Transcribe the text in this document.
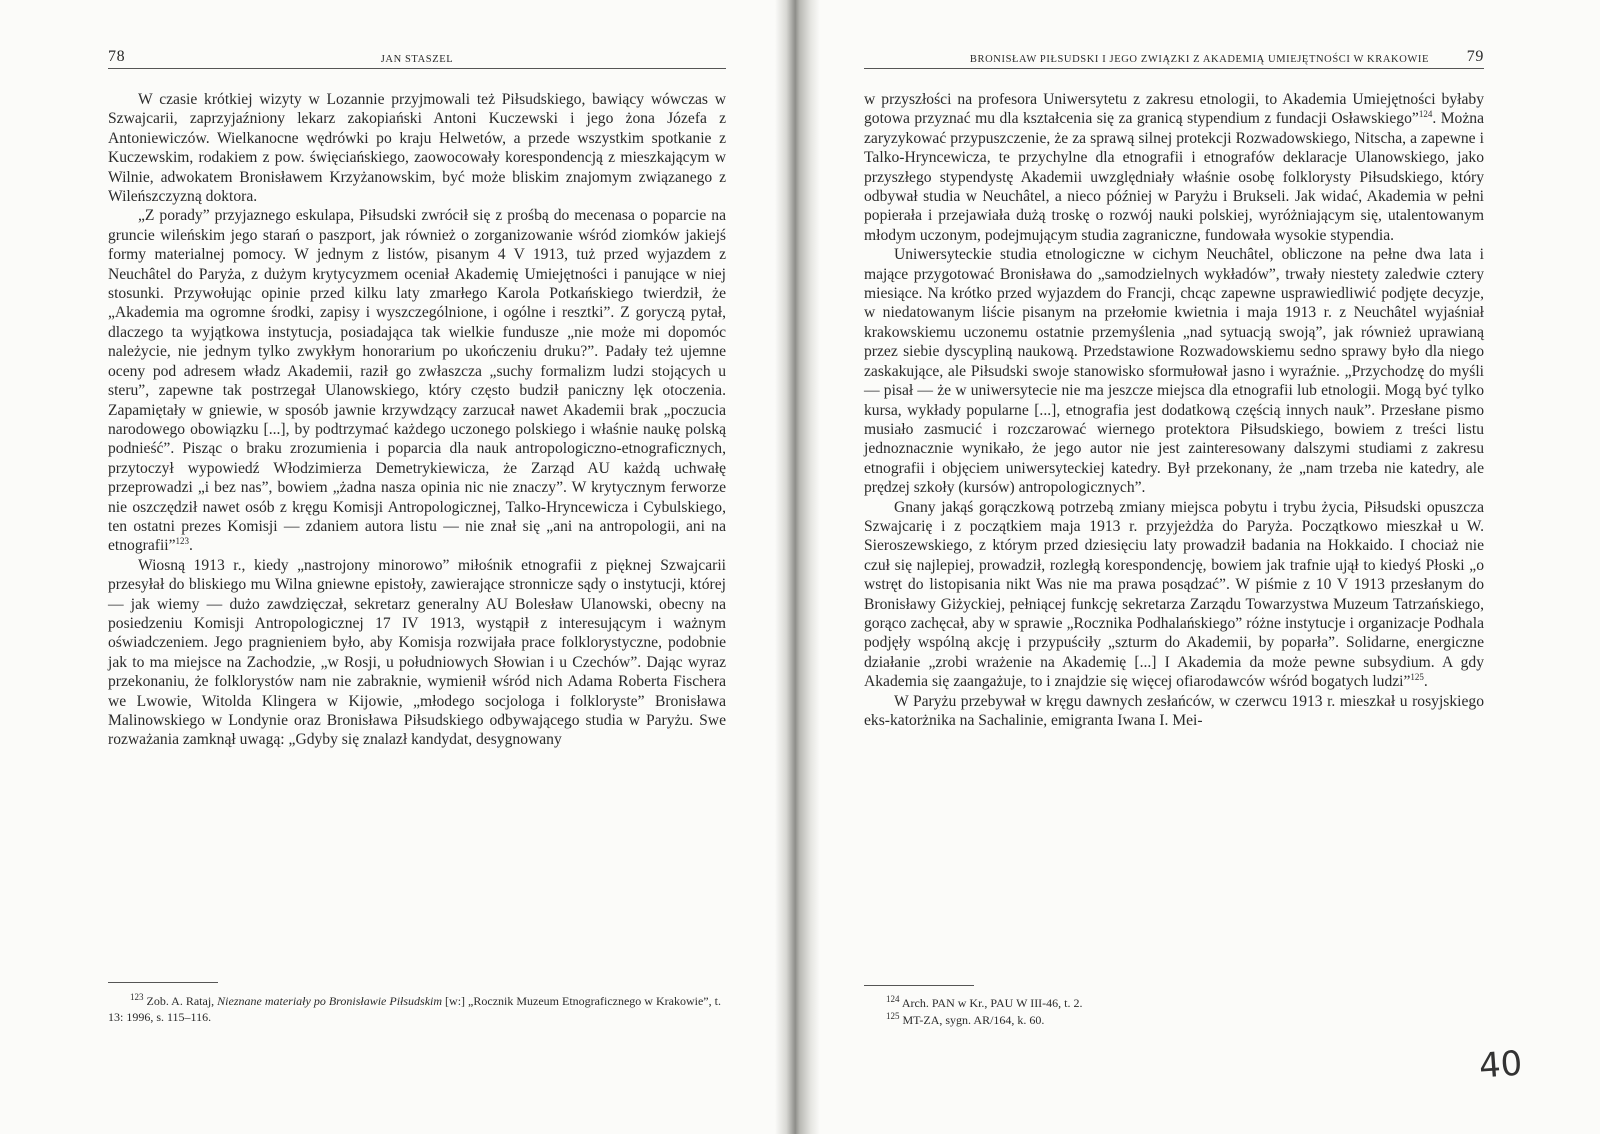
78	JAN STASZEL

W czasie krótkiej wizyty w Lozannie przyjmowali też Piłsudskiego, bawiący wówczas w Szwajcarii, zaprzyjaźniony lekarz zakopiański Antoni Kuczewski i jego żona Józefa z Antoniewiczów. Wielkanocne wędrówki po kraju Helwetów, a przede wszystkim spotkanie z Kuczewskim, rodakiem z pow. święciańskiego, zaowocowały korespondencją z mieszkającym w Wilnie, adwokatem Bronisławem Krzyżanowskim, być może bliskim znajomym związanego z Wileńszczyzną doktora.

„Z porady” przyjaznego eskulapa, Piłsudski zwrócił się z prośbą do mecenasa o poparcie na gruncie wileńskim jego starań o paszport, jak również o zorganizowanie wśród ziomków jakiejś formy materialnej pomocy. W jednym z listów, pisanym 4 V 1913, tuż przed wyjazdem z Neuchâtel do Paryża, z dużym krytycyzmem oceniał Akademię Umiejętności i panujące w niej stosunki. Przywołując opinie przed kilku laty zmarłego Karola Potkańskiego twierdził, że „Akademia ma ogromne środki, zapisy i wyszczególnione, i ogólne i resztki”. Z goryczą pytał, dlaczego ta wyjątkowa instytucja, posiadająca tak wielkie fundusze „nie może mi dopomóc należycie, nie jednym tylko zwykłym honorarium po ukończeniu druku?”. Padały też ujemne oceny pod adresem władz Akademii, raził go zwłaszcza „suchy formalizm ludzi stojących u steru”, zapewne tak postrzegał Ulanowskiego, który często budził paniczny lęk otoczenia. Zapamiętały w gniewie, w sposób jawnie krzywdzący zarzucał nawet Akademii brak „poczucia narodowego obowiązku [...], by podtrzymać każdego uczonego polskiego i właśnie naukę polską podnieść”. Pisząc o braku zrozumienia i poparcia dla nauk antropologiczno-etnograficznych, przytoczył wypowiedź Włodzimierza Demetrykiewicza, że Zarząd AU każdą uchwałę przeprowadzi „i bez nas”, bowiem „żadna nasza opinia nic nie znaczy”. W krytycznym ferworze nie oszczędził nawet osób z kręgu Komisji Antropologicznej, Talko-Hryncewicza i Cybulskiego, ten ostatni prezes Komisji — zdaniem autora listu — nie znał się „ani na antropologii, ani na etnografii”$^{123}$.

Wiosną 1913 r., kiedy „nastrojony minorowo” miłośnik etnografii z pięknej Szwajcarii przesyłał do bliskiego mu Wilna gniewne epistoły, zawierające stronnicze sądy o instytucji, której — jak wiemy — dużo zawdzięczał, sekretarz generalny AU Bolesław Ulanowski, obecny na posiedzeniu Komisji Antropologicznej 17 IV 1913, wystąpił z interesującym i ważnym oświadczeniem. Jego pragnieniem było, aby Komisja rozwijała prace folklorystyczne, podobnie jak to ma miejsce na Zachodzie, „w Rosji, u południowych Słowian i u Czechów”. Dając wyraz przekonaniu, że folklorystów nam nie zabraknie, wymienił wśród nich Adama Roberta Fischera we Lwowie, Witolda Klingera w Kijowie, „młodego socjologa i folkloryste” Bronisława Malinowskiego w Londynie oraz Bronisława Piłsudskiego odbywającego studia w Paryżu. Swe rozważania zamknął uwagą: „Gdyby się znalazł kandydat, desygnowany

$^{123}$ Zob. A. Rataj, Nieznane materiały po Bronisławie Piłsudskim [w:] „Rocznik Muzeum Etnograficznego w Krakowie”, t. 13: 1996, s. 115–116.

BRONISŁAW PIŁSUDSKI I JEGO ZWIĄZKI Z AKADEMIĄ UMIEJĘTNOŚCI W KRAKOWIE	79

w przyszłości na profesora Uniwersytetu z zakresu etnologii, to Akademia Umiejętności byłaby gotowa przyznać mu dla kształcenia się za granicą stypendium z fundacji Osławskiego”$^{124}$. Można zaryzykować przypuszczenie, że za sprawą silnej protekcji Rozwadowskiego, Nitscha, a zapewne i Talko-Hryncewicza, te przychylne dla etnografii i etnografów deklaracje Ulanowskiego, jako przyszłego stypendystę Akademii uwzględniały właśnie osobę folklorysty Piłsudskiego, który odbywał studia w Neuchâtel, a nieco później w Paryżu i Brukseli. Jak widać, Akademia w pełni popierała i przejawiała dużą troskę o rozwój nauki polskiej, wyróżniającym się, utalentowanym młodym uczonym, podejmującym studia zagraniczne, fundowała wysokie stypendia.

Uniwersyteckie studia etnologiczne w cichym Neuchâtel, obliczone na pełne dwa lata i mające przygotować Bronisława do „samodzielnych wykładów”, trwały niestety zaledwie cztery miesiące. Na krótko przed wyjazdem do Francji, chcąc zapewne usprawiedliwić podjęte decyzje, w niedatowanym liście pisanym na przełomie kwietnia i maja 1913 r. z Neuchâtel wyjaśniał krakowskiemu uczonemu ostatnie przemyślenia „nad sytuacją swoją”, jak również uprawianą przez siebie dyscypliną naukową. Przedstawione Rozwadowskiemu sedno sprawy było dla niego zaskakujące, ale Piłsudski swoje stanowisko sformułował jasno i wyraźnie. „Przychodzę do myśli — pisał — że w uniwersytecie nie ma jeszcze miejsca dla etnografii lub etnologii. Mogą być tylko kursa, wykłady popularne [...], etnografia jest dodatkową częścią innych nauk”. Przesłane pismo musiało zasmucić i rozczarować wiernego protektora Piłsudskiego, bowiem z treści listu jednoznacznie wynikało, że jego autor nie jest zainteresowany dalszymi studiami z zakresu etnografii i objęciem uniwersyteckiej katedry. Był przekonany, że „nam trzeba nie katedry, ale prędzej szkoły (kursów) antropologicznych”.

Gnany jakąś gorączkową potrzebą zmiany miejsca pobytu i trybu życia, Piłsudski opuszcza Szwajcarię i z początkiem maja 1913 r. przyjeżdża do Paryża. Początkowo mieszkał u W. Sieroszewskiego, z którym przed dziesięciu laty prowadził badania na Hokkaido. I chociaż nie czuł się najlepiej, prowadził, rozległą korespondencję, bowiem jak trafnie ujął to kiedyś Płoski „o wstręt do listopisania nikt Was nie ma prawa posądzać”. W piśmie z 10 V 1913 przesłanym do Bronisławy Giżyckiej, pełniącej funkcję sekretarza Zarządu Towarzystwa Muzeum Tatrzańskiego, gorąco zachęcał, aby w sprawie „Rocznika Podhalańskiego” różne instytucje i organizacje Podhala podjęły wspólną akcję i przypuściły „szturm do Akademii, by poparła”. Solidarne, energiczne działanie „zrobi wrażenie na Akademię [...] I Akademia da może pewne subsydium. A gdy Akademia się zaangażuje, to i znajdzie się więcej ofiarodawców wśród bogatych ludzi”$^{125}$.

W Paryżu przebywał w kręgu dawnych zesłańców, w czerwcu 1913 r. mieszkał u rosyjskiego eks-katorżnika na Sachalinie, emigranta Iwana I. Mei-

$^{124}$ Arch. PAN w Kr., PAU W III-46, t. 2.

$^{125}$ MT-ZA, sygn. AR/164, k. 60.

40
